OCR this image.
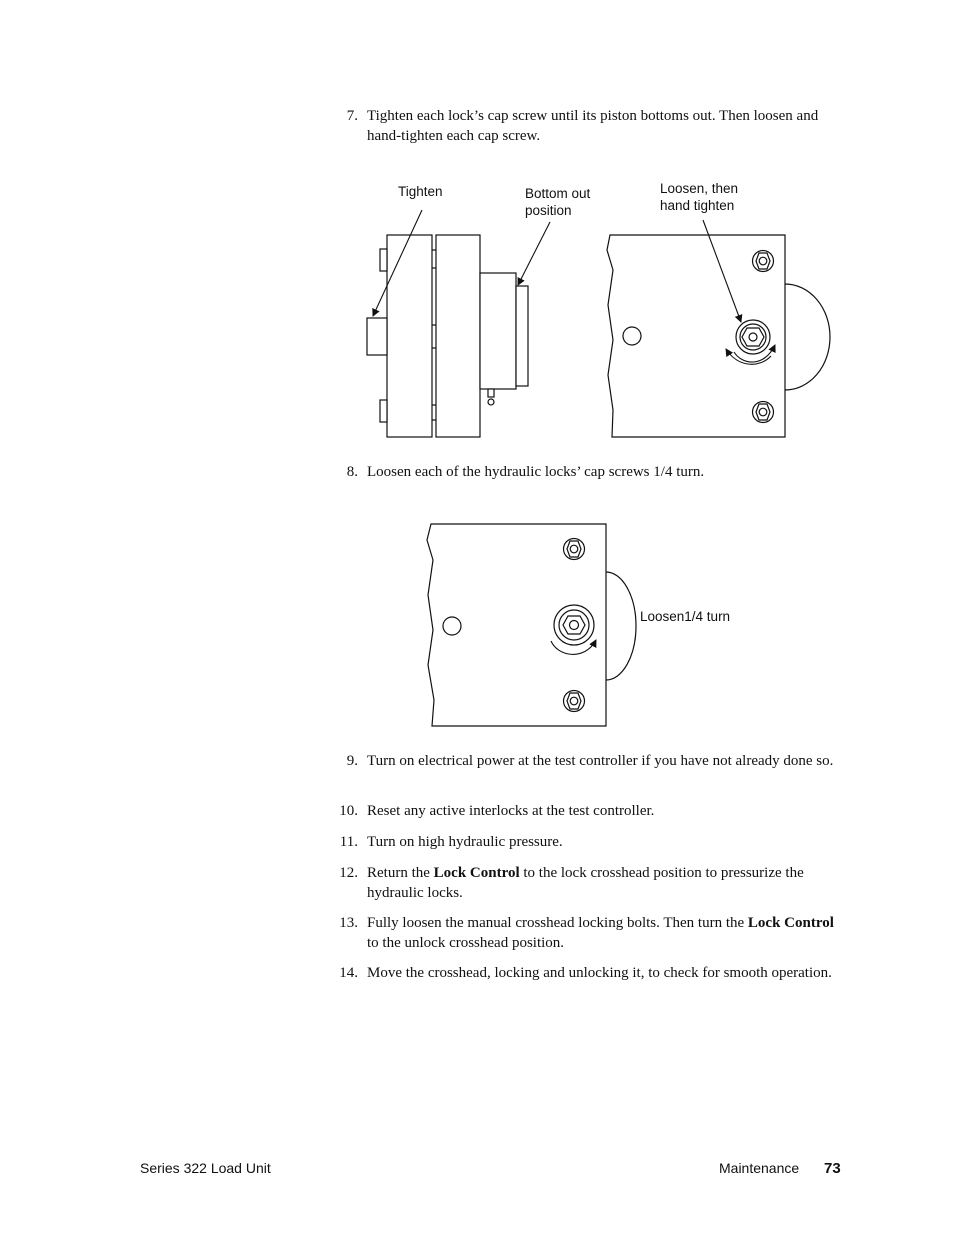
7. Tighten each lock’s cap screw until its piston bottoms out. Then loosen and hand-tighten each cap screw.
Tighten	Bottom out
position
Loosen, then
hand tighten
8. Loosen each of the hydraulic locks’ cap screws 1/4 turn.
Loosen1/4 turn
9. Turn on electrical power at the test controller if you have not already done so.
10. Reset any active interlocks at the test controller.
11. Turn on high hydraulic pressure.
12. Return the Lock Control to the lock crosshead position to pressurize the hydraulic locks.
13. Fully loosen the manual crosshead locking bolts. Then turn the Lock Control to the unlock crosshead position.
14. Move the crosshead, locking and unlocking it, to check for smooth operation.
Series 322 Load Unit	Maintenance 73
